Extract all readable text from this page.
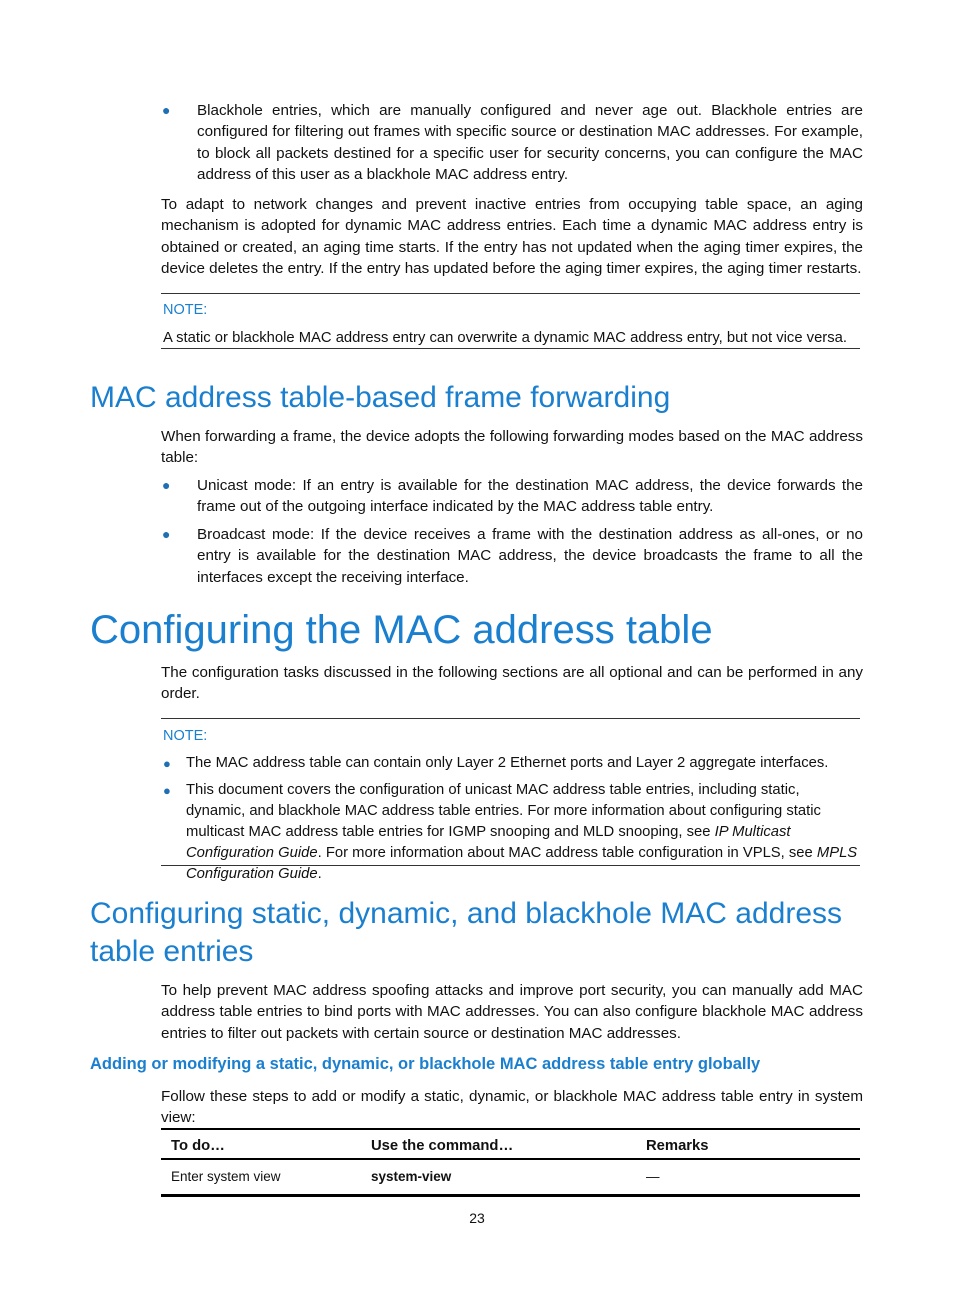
● Blackhole entries, which are manually configured and never age out. Blackhole entries are configured for filtering out frames with specific source or destination MAC addresses. For example, to block all packets destined for a specific user for security concerns, you can configure the MAC address of this user as a blackhole MAC address entry.

To adapt to network changes and prevent inactive entries from occupying table space, an aging mechanism is adopted for dynamic MAC address entries. Each time a dynamic MAC address entry is obtained or created, an aging time starts. If the entry has not updated when the aging timer expires, the device deletes the entry. If the entry has updated before the aging timer expires, the aging timer restarts.

NOTE:
A static or blackhole MAC address entry can overwrite a dynamic MAC address entry, but not vice versa.
MAC address table-based frame forwarding

When forwarding a frame, the device adopts the following forwarding modes based on the MAC address table:

● Unicast mode: If an entry is available for the destination MAC address, the device forwards the frame out of the outgoing interface indicated by the MAC address table entry.
● Broadcast mode: If the device receives a frame with the destination address as all-ones, or no entry is available for the destination MAC address, the device broadcasts the frame to all the interfaces except the receiving interface.
Configuring the MAC address table

The configuration tasks discussed in the following sections are all optional and can be performed in any order.

NOTE:
● The MAC address table can contain only Layer 2 Ethernet ports and Layer 2 aggregate interfaces.
● This document covers the configuration of unicast MAC address table entries, including static, dynamic, and blackhole MAC address table entries. For more information about configuring static multicast MAC address table entries for IGMP snooping and MLD snooping, see IP Multicast Configuration Guide. For more information about MAC address table configuration in VPLS, see MPLS Configuration Guide.
Configuring static, dynamic, and blackhole MAC address
table entries

To help prevent MAC address spoofing attacks and improve port security, you can manually add MAC address table entries to bind ports with MAC addresses. You can also configure blackhole MAC address entries to filter out packets with certain source or destination MAC addresses.

Adding or modifying a static, dynamic, or blackhole MAC address table entry globally

Follow these steps to add or modify a static, dynamic, or blackhole MAC address table entry in system view:

To do…	Use the command…	Remarks
Enter system view	system-view	—
23
